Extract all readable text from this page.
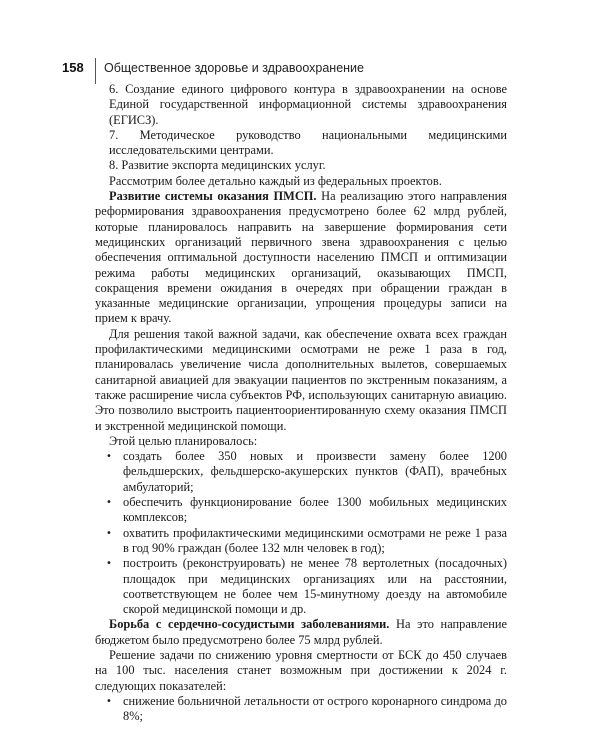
158 Общественное здоровье и здравоохранение

6. Создание единого цифрового контура в здравоохранении на основе Единой государственной информационной системы здравоохранения (ЕГИСЗ).

7. Методическое руководство национальными медицинскими исследовательскими центрами.

8. Развитие экспорта медицинских услуг.

Рассмотрим более детально каждый из федеральных проектов.

Развитие системы оказания ПМСП. На реализацию этого направления реформирования здравоохранения предусмотрено более 62 млрд рублей, которые планировалось направить на завершение формирования сети медицинских организаций первичного звена здравоохранения с целью обеспечения оптимальной доступности населению ПМСП и оптимизации режима работы медицинских организаций, оказывающих ПМСП, сокращения времени ожидания в очередях при обращении граждан в указанные медицинские организации, упрощения процедуры записи на прием к врачу.

Для решения такой важной задачи, как обеспечение охвата всех граждан профилактическими медицинскими осмотрами не реже 1 раза в год, планировалась увеличение числа дополнительных вылетов, совершаемых санитарной авиацией для эвакуации пациентов по экстренным показаниям, а также расширение числа субъектов РФ, использующих санитарную авиацию. Это позволило выстроить пациентоориентированную схему оказания ПМСП и экстренной медицинской помощи.

Этой целью планировалось:

• создать более 350 новых и произвести замену более 1200 фельдшерских, фельдшерско-акушерских пунктов (ФАП), врачебных амбулаторий;
• обеспечить функционирование более 1300 мобильных медицинских комплексов;
• охватить профилактическими медицинскими осмотрами не реже 1 раза в год 90% граждан (более 132 млн человек в год);
• построить (реконструировать) не менее 78 вертолетных (посадочных) площадок при медицинских организациях или на расстоянии, соответствующем не более чем 15-минутному доезду на автомобиле скорой медицинской помощи и др.

Борьба с сердечно-сосудистыми заболеваниями. На это направление бюджетом было предусмотрено более 75 млрд рублей.

Решение задачи по снижению уровня смертности от БСК до 450 случаев на 100 тыс. населения станет возможным при достижении к 2024 г. следующих показателей:

• снижение больничной летальности от острого коронарного синдрома до 8%;
